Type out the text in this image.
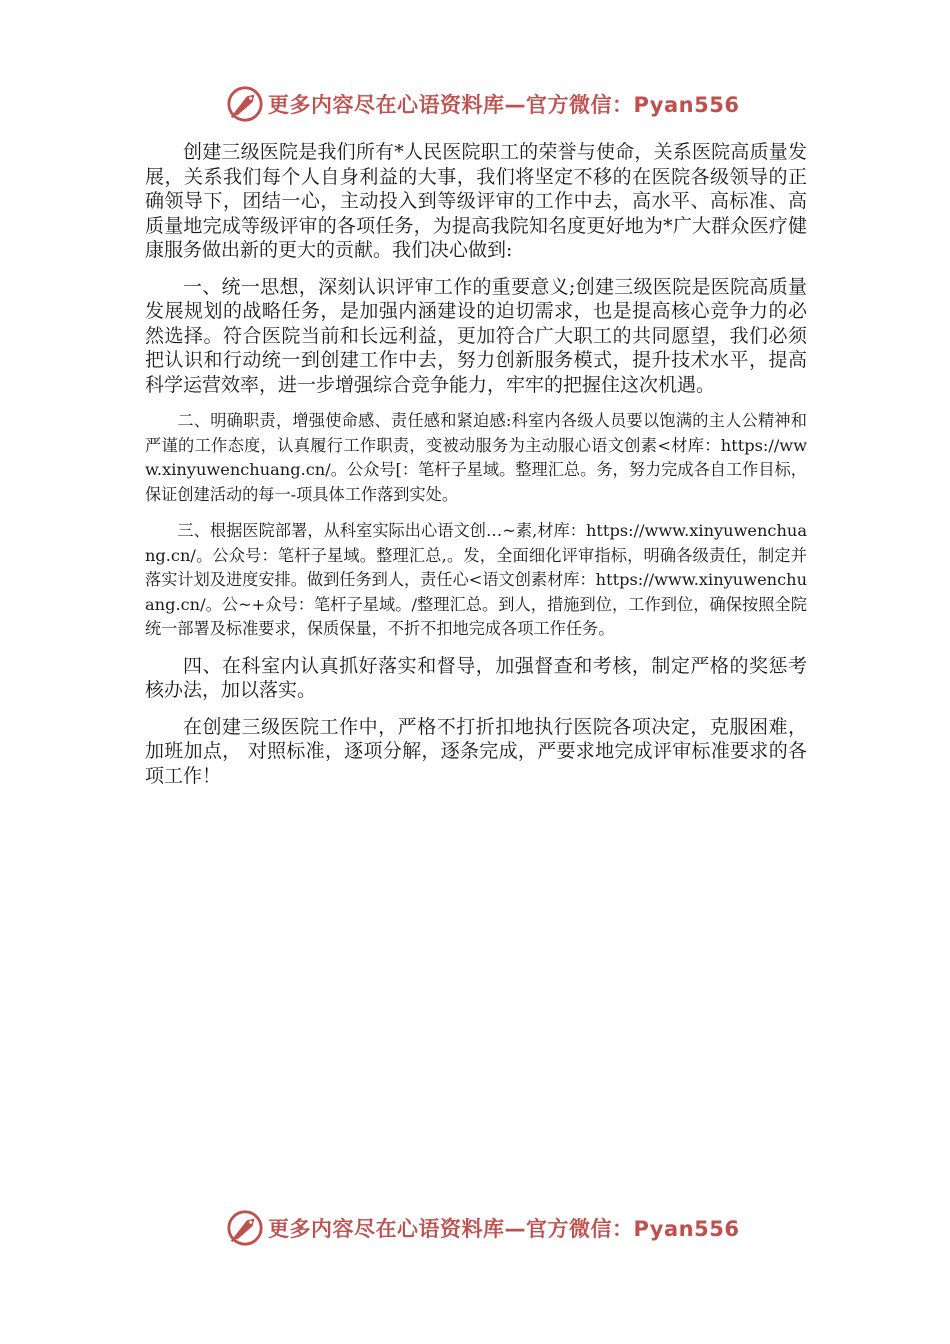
更多内容尽在心语资料库—官方微信：Pyan556

创建三级医院是我们所有*人民医院职工的荣誉与使命，关系医院高质量发展，关系我们每个人自身利益的大事，我们将坚定不移的在医院各级领导的正确领导下，团结一心，主动投入到等级评审的工作中去，高水平、高标准、高质量地完成等级评审的各项任务，为提高我院知名度更好地为*广大群众医疗健康服务做出新的更大的贡献。我们决心做到:

一、统一思想，深刻认识评审工作的重要意义;创建三级医院是医院高质量发展规划的战略任务，是加强内涵建设的迫切需求，也是提高核心竞争力的必然选择。符合医院当前和长远利益，更加符合广大职工的共同愿望，我们必须把认识和行动统一到创建工作中去，努力创新服务模式，提升技术水平，提高科学运营效率，进一步增强综合竞争能力，牢牢的把握住这次机遇。

二、明确职责，增强使命感、责任感和紧迫感:科室内各级人员要以饱满的主人公精神和严谨的工作态度，认真履行工作职责，变被动服务为主动服心语文创素<材库：https://www.xinyuwenchuang.cn/。公众号[：笔杆子星域。整理汇总。务，努力完成各自工作目标，保证创建活动的每一-项具体工作落到实处。

三、根据医院部署，从科室实际出心语文创…~素,材库：https://www.xinyuwenchuang.cn/。公众号：笔杆子星域。整理汇总,。发，全面细化评审指标，明确各级责任，制定并落实计划及进度安排。做到任务到人，责任心<语文创素材库：https://www.xinyuwenchuang.cn/。公~+众号：笔杆子星域。/整理汇总。到人，措施到位，工作到位，确保按照全院统一部署及标准要求，保质保量，不折不扣地完成各项工作任务。

四、在科室内认真抓好落实和督导，加强督查和考核，制定严格的奖惩考核办法，加以落实。

在创建三级医院工作中，严格不打折扣地执行医院各项决定，克服困难，加班加点， 对照标准，逐项分解，逐条完成，严要求地完成评审标准要求的各项工作！

更多内容尽在心语资料库—官方微信：Pyan556
